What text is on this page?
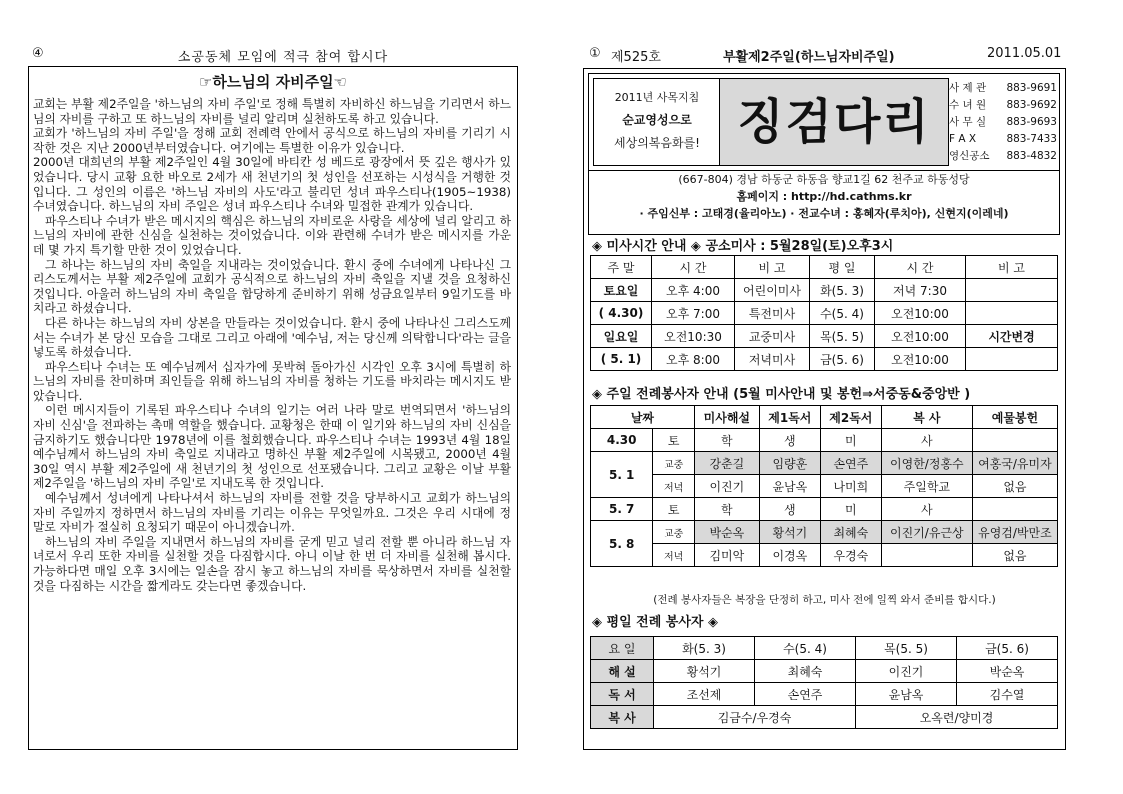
④	소공동체 모임에 적극 참여 합시다
☞하느님의 자비주일☜

교회는 부활 제2주일을 '하느님의 자비 주일'로 정해 특별히 자비하신 하느님을 기리면서 하느님의 자비를 구하고 또 하느님의 자비를 널리 알리며 실천하도록 하고 있습니다.

교회가 '하느님의 자비 주일'을 정해 교회 전례력 안에서 공식으로 하느님의 자비를 기리기 시작한 것은 지난 2000년부터였습니다. 여기에는 특별한 이유가 있습니다.

2000년 대희년의 부활 제2주일인 4월 30일에 바티칸 성 베드로 광장에서 뜻 깊은 행사가 있었습니다. 당시 교황 요한 바오로 2세가 새 천년기의 첫 성인을 선포하는 시성식을 거행한 것입니다. 그 성인의 이름은 '하느님 자비의 사도'라고 불리던 성녀 파우스티나(1905~1938) 수녀였습니다. 하느님의 자비 주일은 성녀 파우스티나 수녀와 밀접한 관계가 있습니다.

파우스티나 수녀가 받은 메시지의 핵심은 하느님의 자비로운 사랑을 세상에 널리 알리고 하느님의 자비에 관한 신심을 실천하는 것이었습니다. 이와 관련해 수녀가 받은 메시지를 가운데 몇 가지 특기할 만한 것이 있었습니다.

그 하나는 하느님의 자비 축일을 지내라는 것이었습니다. 환시 중에 수녀에게 나타나신 그리스도께서는 부활 제2주일에 교회가 공식적으로 하느님의 자비 축일을 지낼 것을 요청하신 것입니다. 아울러 하느님의 자비 축일을 합당하게 준비하기 위해 성금요일부터 9일기도를 바치라고 하셨습니다.

다른 하나는 하느님의 자비 상본을 만들라는 것이었습니다. 환시 중에 나타나신 그리스도께서는 수녀가 본 당신 모습을 그대로 그리고 아래에 '예수님, 저는 당신께 의탁합니다'라는 글을 넣도록 하셨습니다.

파우스티나 수녀는 또 예수님께서 십자가에 못박혀 돌아가신 시각인 오후 3시에 특별히 하느님의 자비를 찬미하며 죄인들을 위해 하느님의 자비를 청하는 기도를 바치라는 메시지도 받았습니다.

이런 메시지들이 기록된 파우스티나 수녀의 일기는 여러 나라 말로 번역되면서 '하느님의 자비 신심'을 전파하는 촉매 역할을 했습니다. 교황청은 한때 이 일기와 하느님의 자비 신심을 금지하기도 했습니다만 1978년에 이를 철회했습니다. 파우스티나 수녀는 1993년 4월 18일 예수님께서 하느님의 자비 축일로 지내라고 명하신 부활 제2주일에 시복됐고, 2000년 4월 30일 역시 부활 제2주일에 새 천년기의 첫 성인으로 선포됐습니다. 그리고 교황은 이날 부활 제2주일을 '하느님의 자비 주일'로 지내도록 한 것입니다.

예수님께서 성녀에게 나타나셔서 하느님의 자비를 전할 것을 당부하시고 교회가 하느님의 자비 주일까지 정하면서 하느님의 자비를 기리는 이유는 무엇일까요. 그것은 우리 시대에 정말로 자비가 절실히 요청되기 때문이 아니겠습니까.

하느님의 자비 주일을 지내면서 하느님의 자비를 굳게 믿고 널리 전할 뿐 아니라 하느님 자녀로서 우리 또한 자비를 실천할 것을 다짐합시다. 아니 이날 한 번 더 자비를 실천해 봅시다. 가능하다면 매일 오후 3시에는 일손을 잠시 놓고 하느님의 자비를 묵상하면서 자비를 실천할 것을 다짐하는 시간을 짧게라도 갖는다면 좋겠습니다.

① 제525호	부활제2주일(하느님자비주일)	2011.05.01
2011년 사목지침
순교영성으로
세상의복음화를! 징검다리
사 제 관 883-9691
수 녀 원 883-9692
사 무 실 883-9693
F A X	883-7433
영신공소 883-4832
(667-804) 경남 하동군 하동읍 향교1길 62 천주교 하동성당
홈페이지 : http://hd.cathms.kr
· 주임신부 : 고태경(율리아노) · 전교수녀 : 홍혜자(루치아), 신현지(이레네)
◈ 미사시간 안내 ◈ 공소미사 : 5월28일(토)오후3시
주 말	시 간	비 고	평 일	시 간	비 고
토요일	오후 4:00	어린이미사	화(5. 3)	저녁 7:30	
( 4.30)	오후 7:00	특전미사	수(5. 4)	오전10:00	
일요일	오전10:30	교중미사	목(5. 5)	오전10:00	시간변경
( 5. 1)	오후 8:00	저녁미사	금(5. 6)	오전10:00	
◈ 주일 전례봉사자 안내 (5월 미사안내 및 봉헌⇒서중동&중앙반 )
날짜		미사해설	제1독서	제2독서	복 사	예물봉헌
4.30	토	학	생	미	사	
5. 1	교중	강춘길	임량훈	손연주	이영한/정홍수	여홍국/유미자
	저녁	이진기	윤남옥	나미희	주일학교	없음
5. 7	토	학	생	미	사	
5. 8	교중	박순옥	황석기	최혜숙	이진기/유근상	유영검/박만조
	저녁	김미악	이경옥	우경숙		없음
(전례 봉사자들은 복장을 단정히 하고, 미사 전에 일찍 와서 준비를 합시다.)
◈ 평일 전례 봉사자 ◈
요 일	화(5. 3)	수(5. 4)	목(5. 5)	금(5. 6)
해 설	황석기	최혜숙	이진기	박순옥
독 서	조선제	손연주	윤남옥	김수열
복 사	김금수/우경숙		오옥련/양미경	
